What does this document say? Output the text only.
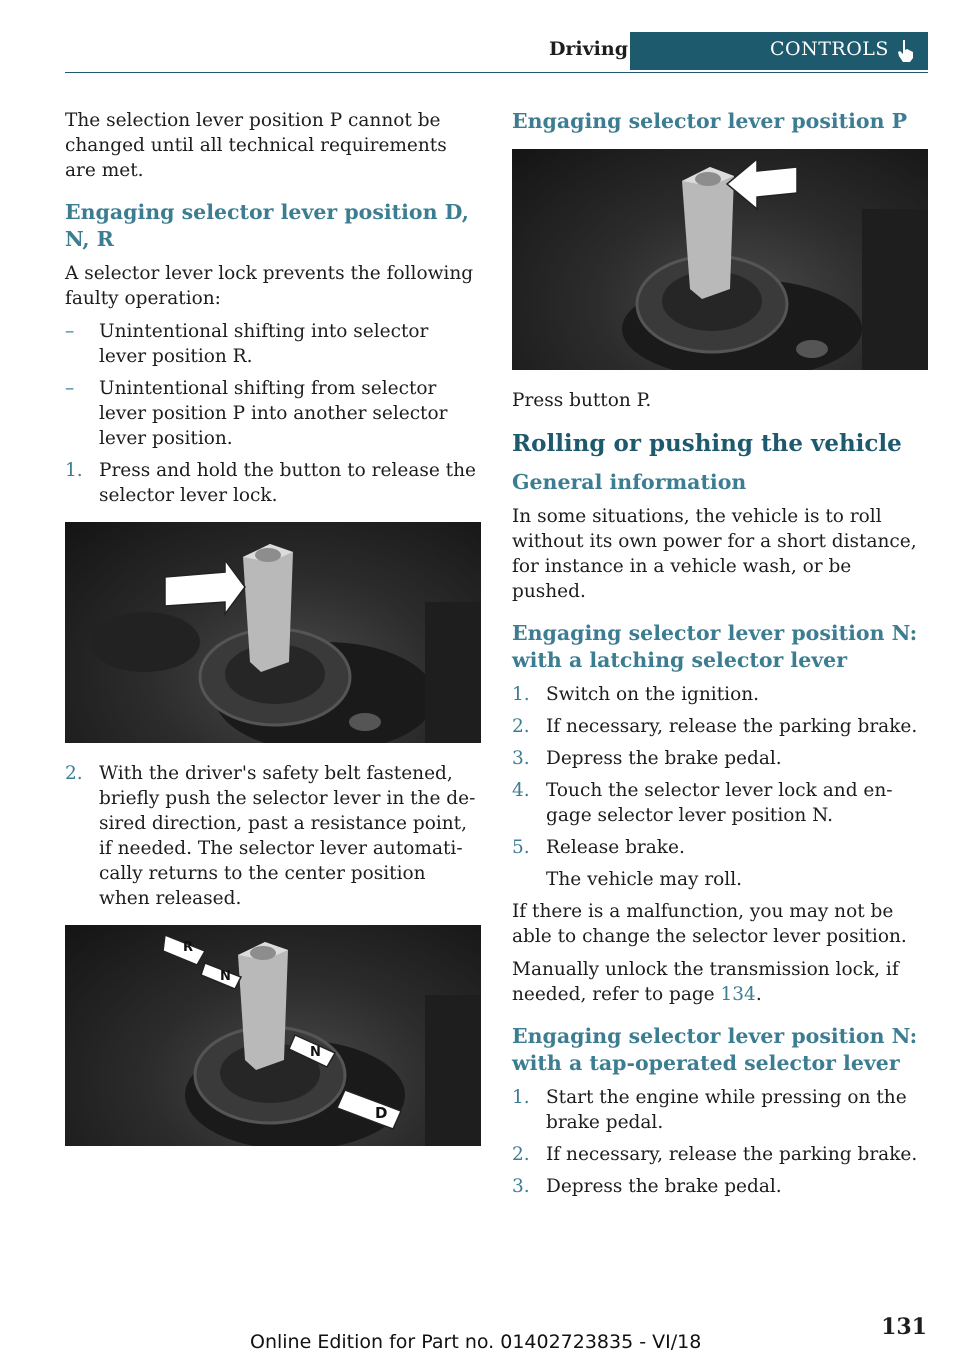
Driving	CONTROLS

The selection lever position P cannot be changed until all technical requirements are met.

Engaging selector lever position D, N, R

A selector lever lock prevents the following faulty operation:

– Unintentional shifting into selector lever position R.
– Unintentional shifting from selector lever position P into another selector lever position.
1. Press and hold the button to release the selector lever lock.
2. With the driver's safety belt fastened, briefly push the selector lever in the de‐ sired direction, past a resistance point, if needed. The selector lever automati‐ cally returns to the center position when released.
R
N
N
D
Engaging selector lever position P

Press button P.

Rolling or pushing the vehicle
General information

In some situations, the vehicle is to roll without its own power for a short distance, for instance in a vehicle wash, or be pushed.

Engaging selector lever position N: with a latching selector lever
1. Switch on the ignition.
2. If necessary, release the parking brake.
3. Depress the brake pedal.
4. Touch the selector lever lock and en‐ gage selector lever position N.
5. Release brake.
The vehicle may roll.

If there is a malfunction, you may not be able to change the selector lever position.

Manually unlock the transmission lock, if needed, refer to page 134.

Engaging selector lever position N: with a tap-operated selector lever
1. Start the engine while pressing on the brake pedal.
2. If necessary, release the parking brake.
3. Depress the brake pedal.
131
Online Edition for Part no. 01402723835 - VI/18
